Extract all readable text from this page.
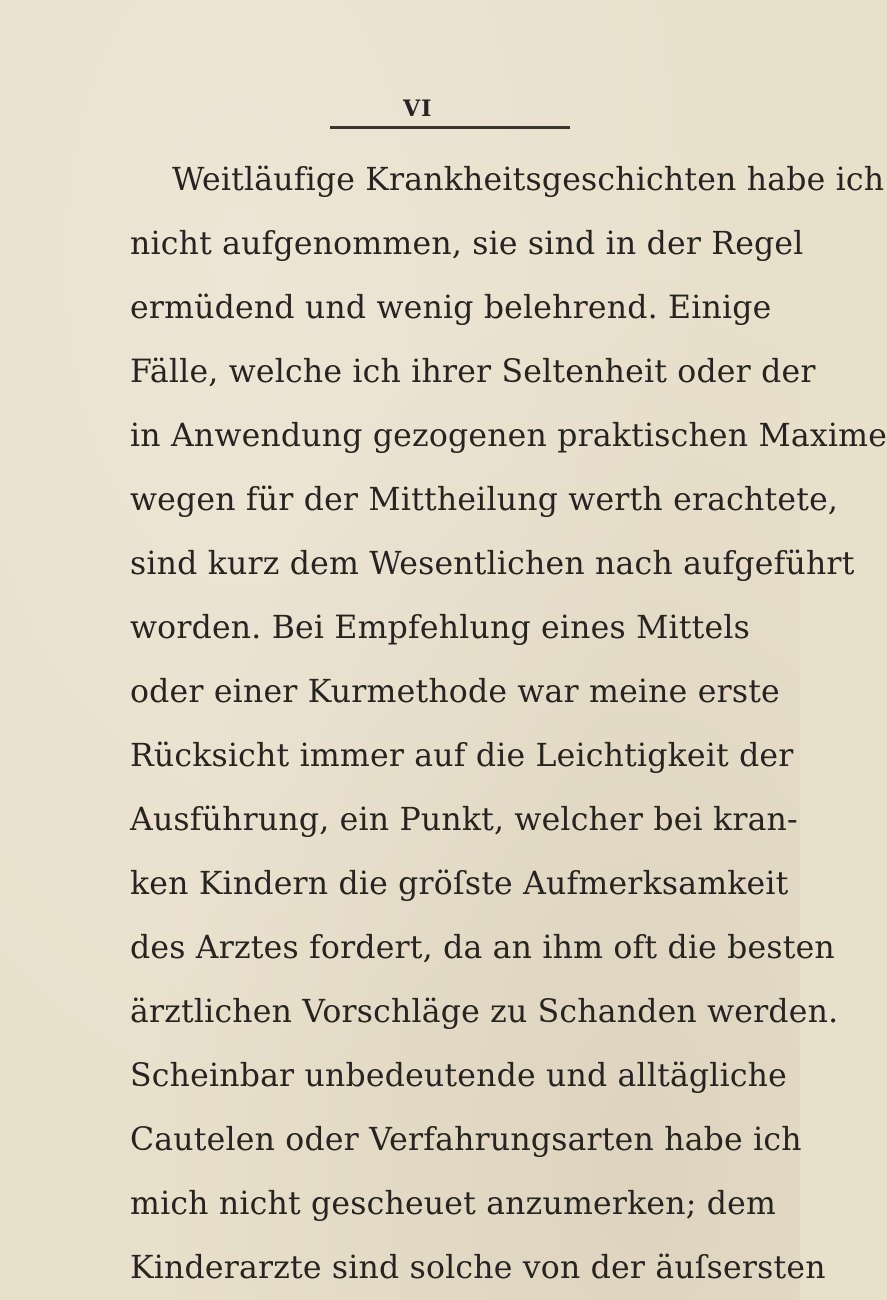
VI
Weitläufige Krankheitsgeschichten habe ich
nicht aufgenommen, sie sind in der Regel
ermüdend und wenig belehrend. Einige
Fälle, welche ich ihrer Seltenheit oder der
in Anwendung gezogenen praktischen Maxime
wegen für der Mittheilung werth erachtete,
sind kurz dem Wesentlichen nach aufgeführt
worden. Bei Empfehlung eines Mittels
oder einer Kurmethode war meine erste
Rücksicht immer auf die Leichtigkeit der
Ausführung, ein Punkt, welcher bei kran-
ken Kindern die gröſste Aufmerksamkeit
des Arztes fordert, da an ihm oft die besten
ärztlichen Vorschläge zu Schanden werden.
Scheinbar unbedeutende und alltägliche
Cautelen oder Verfahrungsarten habe ich
mich nicht gescheuet anzumerken; dem
Kinderarzte sind solche von der äuſsersten
